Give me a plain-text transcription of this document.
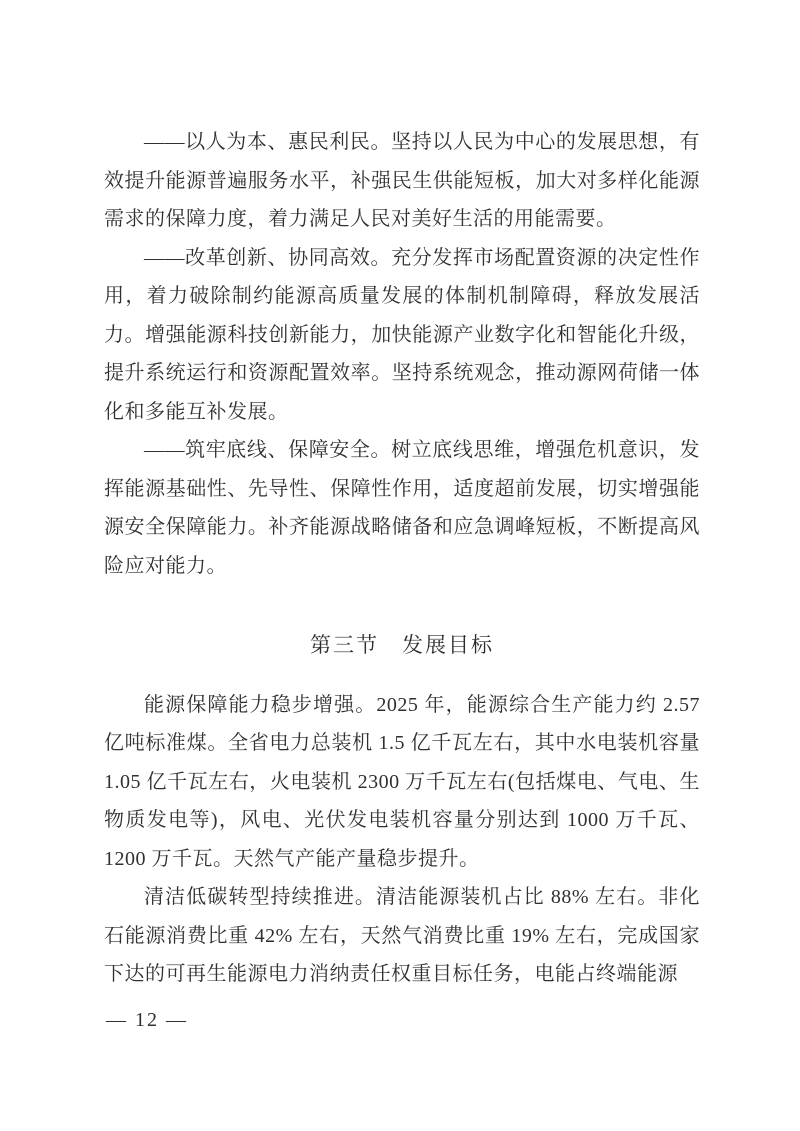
——以人为本、惠民利民。坚持以人民为中心的发展思想，有效提升能源普遍服务水平，补强民生供能短板，加大对多样化能源需求的保障力度，着力满足人民对美好生活的用能需要。

——改革创新、协同高效。充分发挥市场配置资源的决定性作用，着力破除制约能源高质量发展的体制机制障碍，释放发展活力。增强能源科技创新能力，加快能源产业数字化和智能化升级，提升系统运行和资源配置效率。坚持系统观念，推动源网荷储一体化和多能互补发展。

——筑牢底线、保障安全。树立底线思维，增强危机意识，发挥能源基础性、先导性、保障性作用，适度超前发展，切实增强能源安全保障能力。补齐能源战略储备和应急调峰短板，不断提高风险应对能力。

第三节　发展目标

能源保障能力稳步增强。2025 年，能源综合生产能力约 2.57 亿吨标准煤。全省电力总装机 1.5 亿千瓦左右，其中水电装机容量 1.05 亿千瓦左右，火电装机 2300 万千瓦左右(包括煤电、气电、生物质发电等)，风电、光伏发电装机容量分别达到 1000 万千瓦、1200 万千瓦。天然气产能产量稳步提升。

清洁低碳转型持续推进。清洁能源装机占比 88% 左右。非化石能源消费比重 42% 左右，天然气消费比重 19% 左右，完成国家下达的可再生能源电力消纳责任权重目标任务，电能占终端能源

— 12 —
